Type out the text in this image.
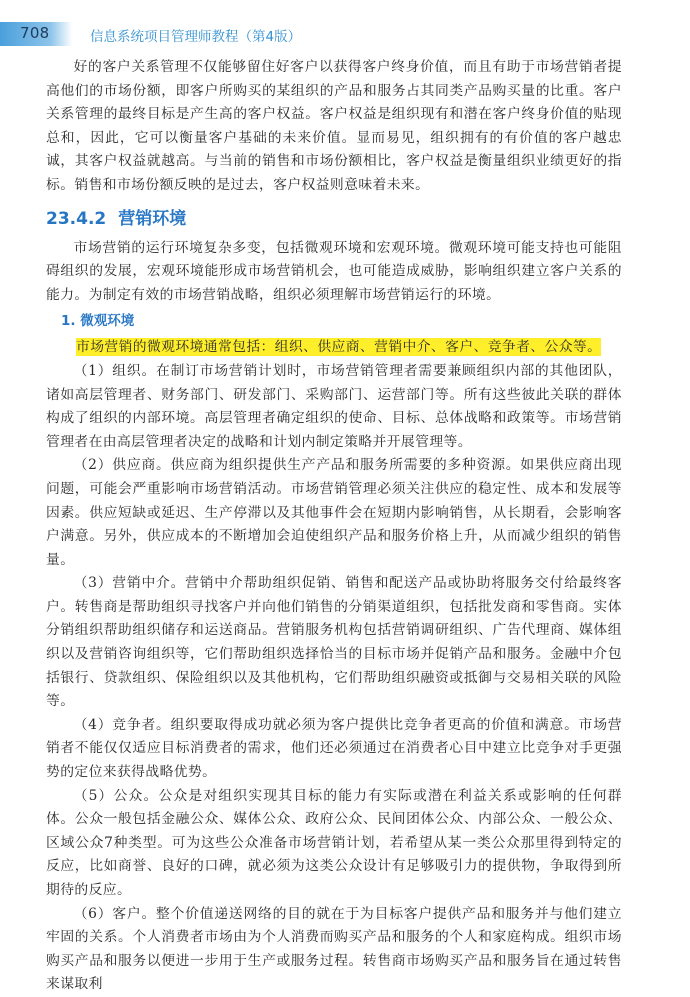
708	信息系统项目管理师教程（第4版）

好的客户关系管理不仅能够留住好客户以获得客户终身价值，而且有助于市场营销者提高他们的市场份额，即客户所购买的某组织的产品和服务占其同类产品购买量的比重。客户关系管理的最终目标是产生高的客户权益。客户权益是组织现有和潜在客户终身价值的贴现总和，因此，它可以衡量客户基础的未来价值。显而易见，组织拥有的有价值的客户越忠诚，其客户权益就越高。与当前的销售和市场份额相比，客户权益是衡量组织业绩更好的指标。销售和市场份额反映的是过去，客户权益则意味着未来。

23.4.2 营销环境

市场营销的运行环境复杂多变，包括微观环境和宏观环境。微观环境可能支持也可能阻碍组织的发展，宏观环境能形成市场营销机会，也可能造成威胁，影响组织建立客户关系的能力。为制定有效的市场营销战略，组织必须理解市场营销运行的环境。

1. 微观环境
市场营销的微观环境通常包括：组织、供应商、营销中介、客户、竞争者、公众等。

（1）组织。在制订市场营销计划时，市场营销管理者需要兼顾组织内部的其他团队，诸如高层管理者、财务部门、研发部门、采购部门、运营部门等。所有这些彼此关联的群体构成了组织的内部环境。高层管理者确定组织的使命、目标、总体战略和政策等。市场营销管理者在由高层管理者决定的战略和计划内制定策略并开展管理等。

（2）供应商。供应商为组织提供生产产品和服务所需要的多种资源。如果供应商出现问题，可能会严重影响市场营销活动。市场营销管理必须关注供应的稳定性、成本和发展等因素。供应短缺或延迟、生产停滞以及其他事件会在短期内影响销售，从长期看，会影响客户满意。另外，供应成本的不断增加会迫使组织产品和服务价格上升，从而减少组织的销售量。

（3）营销中介。营销中介帮助组织促销、销售和配送产品或协助将服务交付给最终客户。转售商是帮助组织寻找客户并向他们销售的分销渠道组织，包括批发商和零售商。实体分销组织帮助组织储存和运送商品。营销服务机构包括营销调研组织、广告代理商、媒体组织以及营销咨询组织等，它们帮助组织选择恰当的目标市场并促销产品和服务。金融中介包括银行、贷款组织、保险组织以及其他机构，它们帮助组织融资或抵御与交易相关联的风险等。

（4）竞争者。组织要取得成功就必须为客户提供比竞争者更高的价值和满意。市场营销者不能仅仅适应目标消费者的需求，他们还必须通过在消费者心目中建立比竞争对手更强势的定位来获得战略优势。

（5）公众。公众是对组织实现其目标的能力有实际或潜在利益关系或影响的任何群体。公众一般包括金融公众、媒体公众、政府公众、民间团体公众、内部公众、一般公众、区域公众7种类型。可为这些公众准备市场营销计划，若希望从某一类公众那里得到特定的反应，比如商誉、良好的口碑，就必须为这类公众设计有足够吸引力的提供物，争取得到所期待的反应。

（6）客户。整个价值递送网络的目的就在于为目标客户提供产品和服务并与他们建立牢固的关系。个人消费者市场由为个人消费而购买产品和服务的个人和家庭构成。组织市场购买产品和服务以便进一步用于生产或服务过程。转售商市场购买产品和服务旨在通过转售来谋取利
